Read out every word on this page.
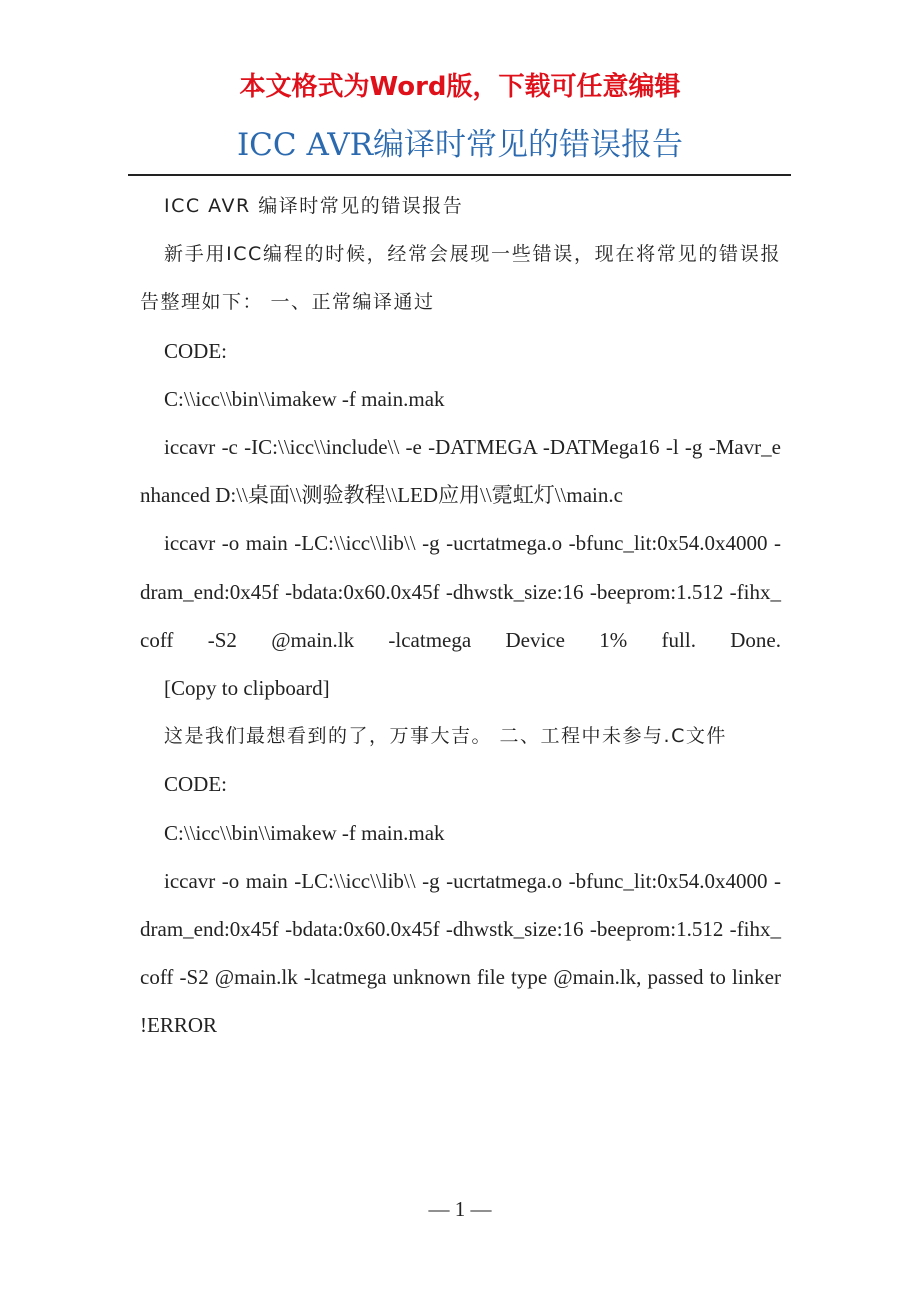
本文格式为Word版，下载可任意编辑

ICC AVR编译时常见的错误报告

ICC AVR 编译时常见的错误报告

新手用ICC编程的时候，经常会展现一些错误，现在将常见的错误报告整理如下： 一、正常编译通过

CODE:

C:\\icc\\bin\\imakew -f main.mak

iccavr -c -IC:\\icc\\include\\ -e -DATMEGA -DATMega16 -l -g -Mavr_enhanced D:\\桌面\\测验教程\\LED应用\\霓虹灯\\main.c

iccavr -o main -LC:\\icc\\lib\\ -g -ucrtatmega.o -bfunc_lit:0x54.0x4000 -dram_end:0x45f -bdata:0x60.0x45f -dhwstk_size:16 -beeprom:1.512 -fihx_coff -S2 @main.lk -lcatmega Device 1% full. Done.

[Copy to clipboard]

这是我们最想看到的了，万事大吉。 二、工程中未参与.C文件

CODE:

C:\\icc\\bin\\imakew -f main.mak

iccavr -o main -LC:\\icc\\lib\\ -g -ucrtatmega.o -bfunc_lit:0x54.0x4000 -dram_end:0x45f -bdata:0x60.0x45f -dhwstk_size:16 -beeprom:1.512 -fihx_coff -S2 @main.lk -lcatmega unknown file type @main.lk, passed to linker !ERROR

— 1 —
